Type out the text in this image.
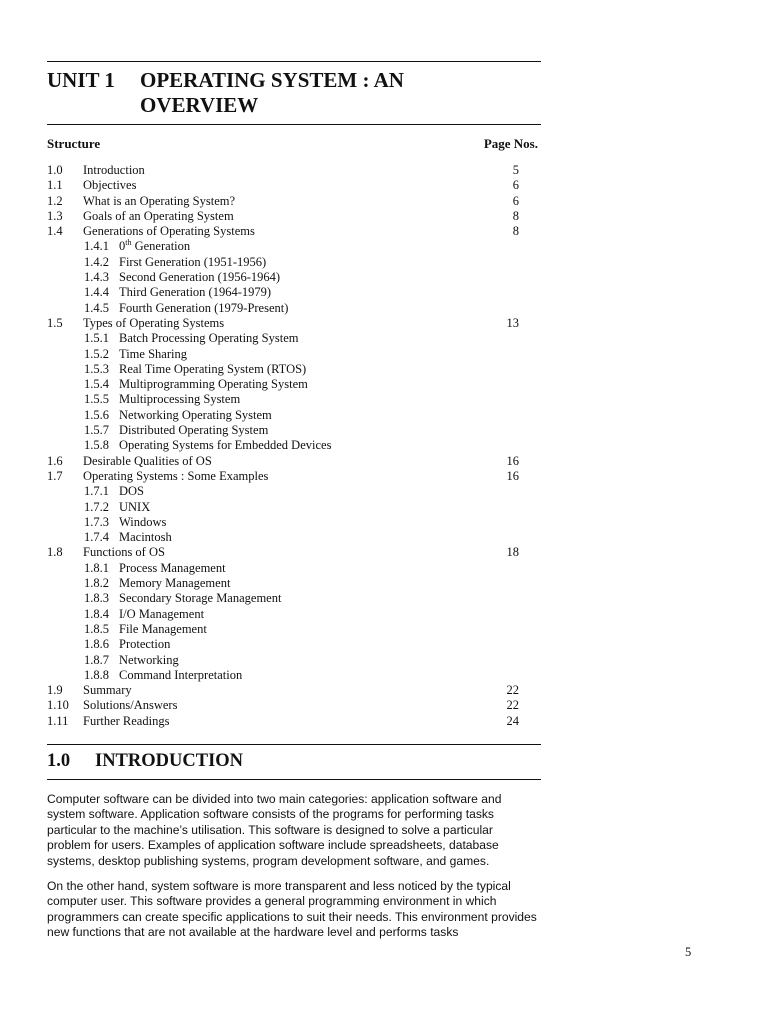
UNIT 1 OPERATING SYSTEM : AN
OVERVIEW
Structure	Page Nos.
1.0 Introduction	5
1.1 Objectives	6
1.2 What is an Operating System?	6
1.3 Goals of an Operating System	8
1.4 Generations of Operating Systems	8
1.4.1 0th Generation
1.4.2 First Generation (1951-1956)
1.4.3 Second Generation (1956-1964)
1.4.4 Third Generation (1964-1979)
1.4.5 Fourth Generation (1979-Present)
1.5 Types of Operating Systems	13
1.5.1 Batch Processing Operating System
1.5.2 Time Sharing
1.5.3 Real Time Operating System (RTOS)
1.5.4 Multiprogramming Operating System
1.5.5 Multiprocessing System
1.5.6 Networking Operating System
1.5.7 Distributed Operating System
1.5.8 Operating Systems for Embedded Devices
1.6 Desirable Qualities of OS	16
1.7 Operating Systems : Some Examples	16
1.7.1 DOS
1.7.2 UNIX
1.7.3 Windows
1.7.4 Macintosh
1.8 Functions of OS	18
1.8.1 Process Management
1.8.2 Memory Management
1.8.3 Secondary Storage Management
1.8.4 I/O Management
1.8.5 File Management
1.8.6 Protection
1.8.7 Networking
1.8.8 Command Interpretation
1.9 Summary	22
1.10 Solutions/Answers	22
1.11 Further Readings	24
1.0 INTRODUCTION

Computer software can be divided into two main categories: application software and system software. Application software consists of the programs for performing tasks particular to the machine’s utilisation. This software is designed to solve a particular problem for users. Examples of application software include spreadsheets, database systems, desktop publishing systems, program development software, and games.

On the other hand, system software is more transparent and less noticed by the typical computer user. This software provides a general programming environment in which programmers can create specific applications to suit their needs. This environment provides new functions that are not available at the hardware level and performs tasks

5
